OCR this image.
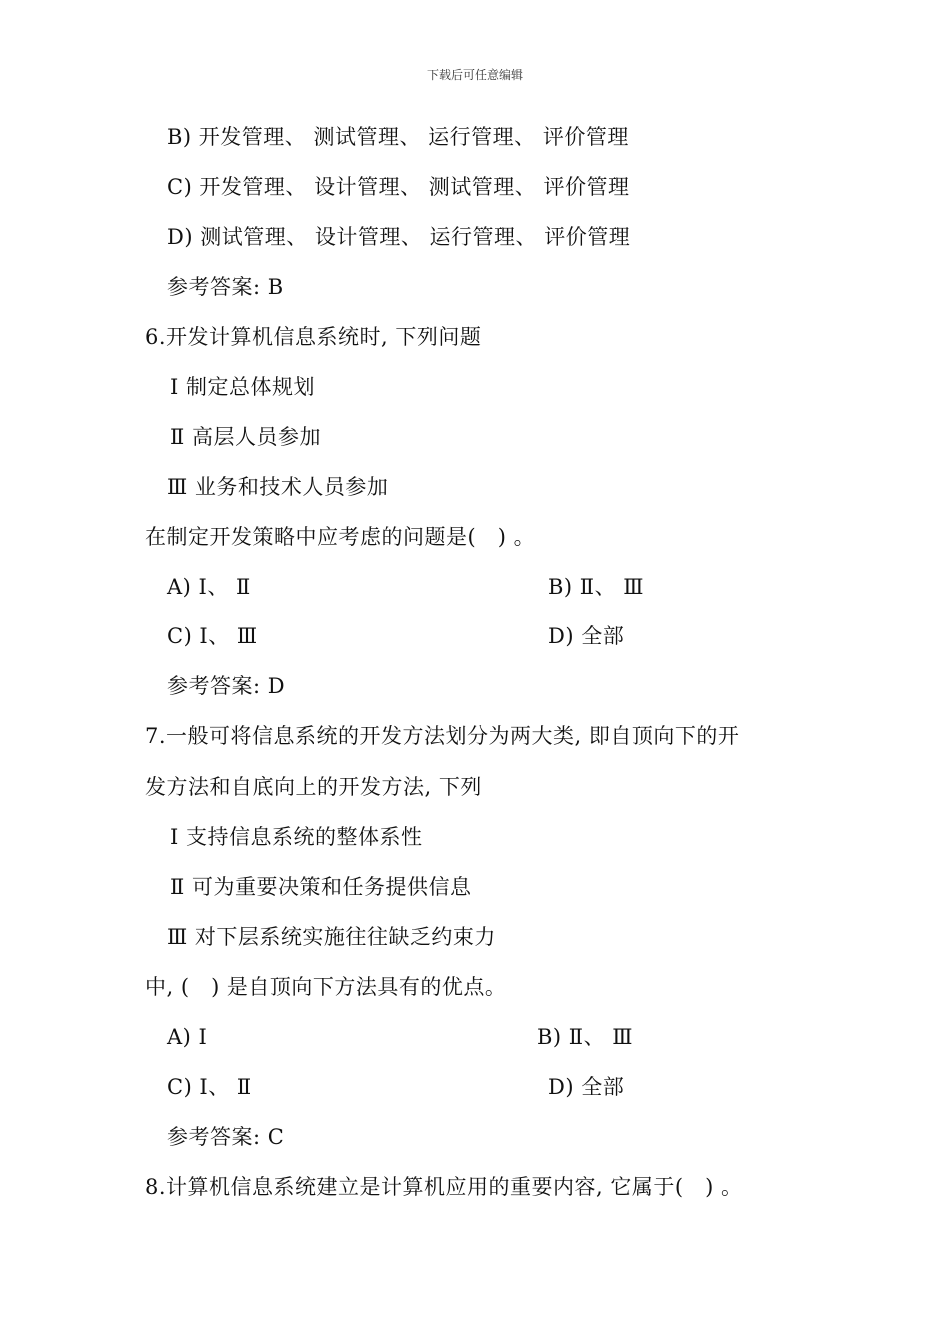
下载后可任意编辑
B) 开发管理、 测试管理、 运行管理、 评价管理
C) 开发管理、 设计管理、 测试管理、 评价管理
D) 测试管理、 设计管理、 运行管理、 评价管理
参考答案: B
6.开发计算机信息系统时, 下列问题
Ⅰ 制定总体规划
Ⅱ 高层人员参加
Ⅲ 业务和技术人员参加
在制定开发策略中应考虑的问题是(   ) 。
A) Ⅰ、 Ⅱ	B) Ⅱ、 Ⅲ
C) Ⅰ、 Ⅲ	D) 全部
参考答案: D
7.一般可将信息系统的开发方法划分为两大类, 即自顶向下的开
发方法和自底向上的开发方法, 下列
Ⅰ 支持信息系统的整体系性
Ⅱ 可为重要决策和任务提供信息
Ⅲ 对下层系统实施往往缺乏约束力
中, (   ) 是自顶向下方法具有的优点。
A) Ⅰ	B) Ⅱ、 Ⅲ
C) Ⅰ、 Ⅱ	D) 全部
参考答案: C
8.计算机信息系统建立是计算机应用的重要内容, 它属于(   ) 。
